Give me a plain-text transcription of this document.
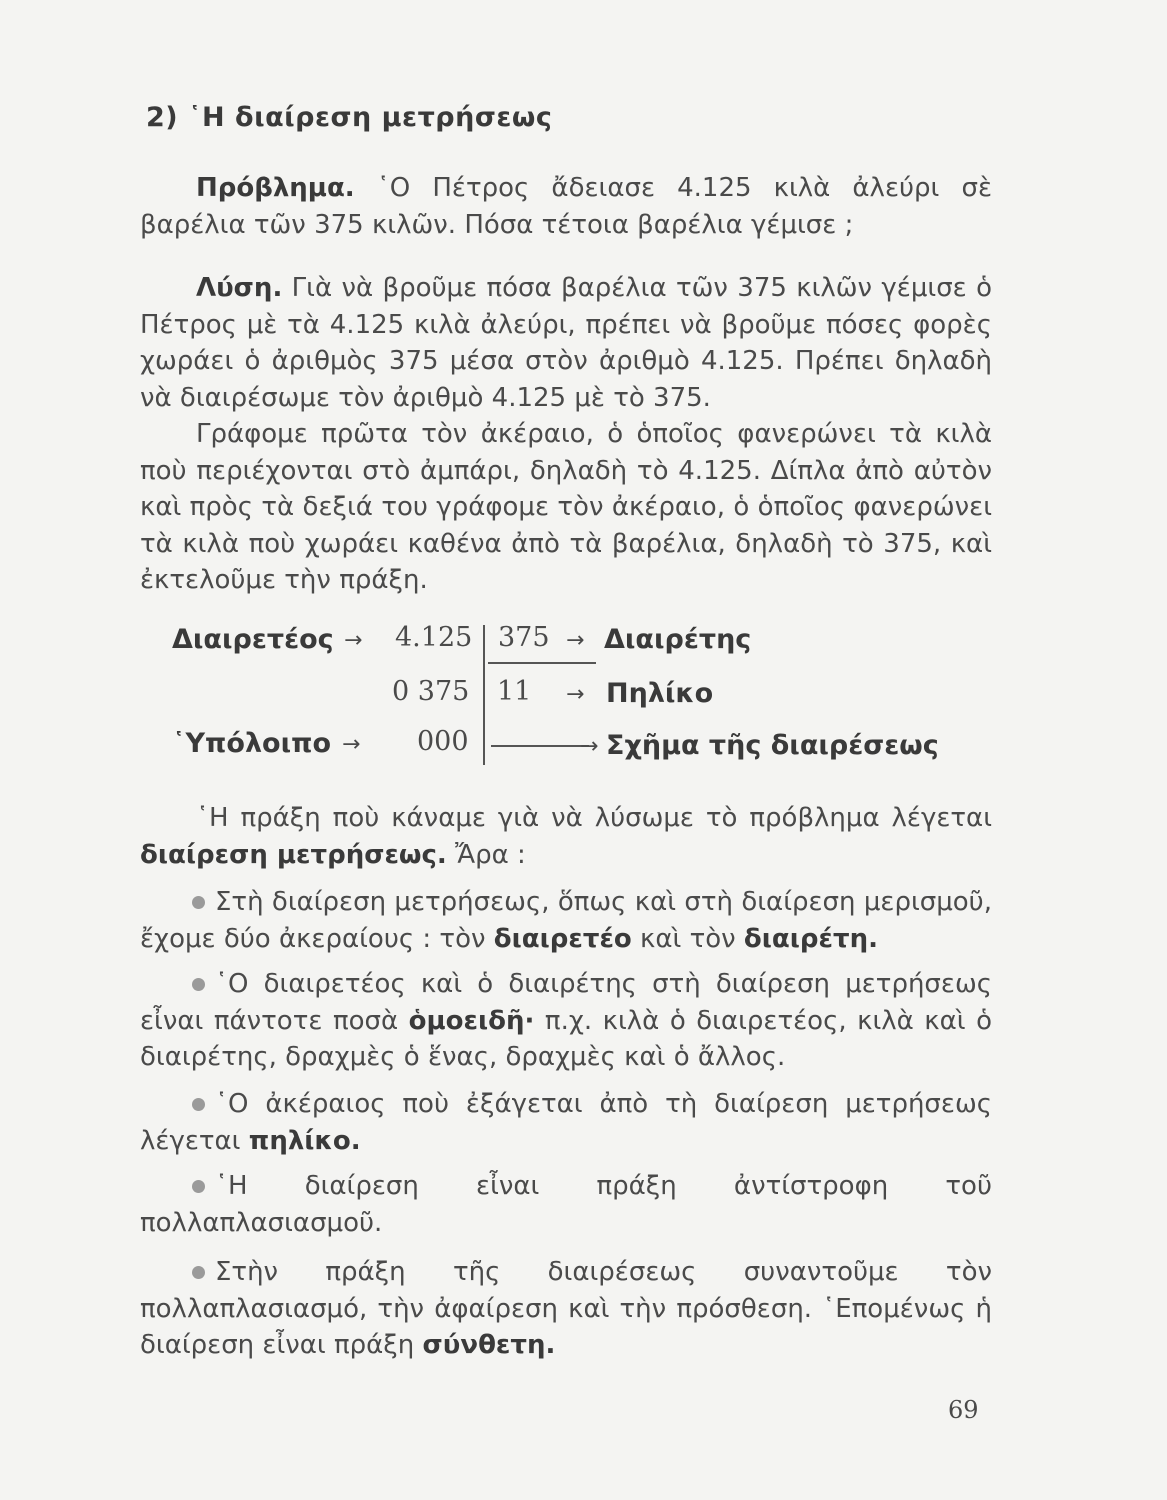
2) ῾Η διαίρεση μετρήσεως
Πρόβλημα. ῾Ο Πέτρος ἄδειασε 4.125 κιλὰ ἀλεύρι σὲ βαρέλια τῶν 375 κιλῶν. Πόσα τέτοια βαρέλια γέμισε ;
Λύση. Γιὰ νὰ βροῦμε πόσα βαρέλια τῶν 375 κιλῶν γέμισε ὁ Πέτρος μὲ τὰ 4.125 κιλὰ ἀλεύρι, πρέπει νὰ βροῦμε πόσες φορὲς χωράει ὁ ἀριθμὸς 375 μέσα στὸν ἀριθμὸ 4.125. Πρέπει δηλαδὴ νὰ διαιρέσωμε τὸν ἀριθμὸ 4.125 μὲ τὸ 375.
Γράφομε πρῶτα τὸν ἀκέραιο, ὁ ὁποῖος φανερώνει τὰ κιλὰ ποὺ περιέχονται στὸ ἀμπάρι, δηλαδὴ τὸ 4.125. Δίπλα ἀπὸ αὐτὸν καὶ πρὸς τὰ δεξιά του γράφομε τὸν ἀκέραιο, ὁ ὁποῖος φανερώνει τὰ κιλὰ ποὺ χωράει καθένα ἀπὸ τὰ βαρέλια, δηλαδὴ τὸ 375, καὶ ἐκτελοῦμε τὴν πράξη.
Διαιρετέος → 4.125 375 → Διαιρέτης
0 375 11 → Πηλίκο
῾Υπόλοιπο → 000	→ Σχῆμα τῆς διαιρέσεως
῾Η πράξη ποὺ κάναμε γιὰ νὰ λύσωμε τὸ πρόβλημα λέγεται διαίρεση μετρήσεως. Ἄρα :
Στὴ διαίρεση μετρήσεως, ὅπως καὶ στὴ διαίρεση μερισμοῦ, ἔχομε δύο ἀκεραίους : τὸν διαιρετέο καὶ τὸν διαιρέτη.
῾Ο διαιρετέος καὶ ὁ διαιρέτης στὴ διαίρεση μετρήσεως εἶναι πάντοτε ποσὰ ὁμοειδῆ· π.χ. κιλὰ ὁ διαιρετέος, κιλὰ καὶ ὁ διαιρέτης, δραχμὲς ὁ ἕνας, δραχμὲς καὶ ὁ ἄλλος.
῾Ο ἀκέραιος ποὺ ἐξάγεται ἀπὸ τὴ διαίρεση μετρήσεως λέγεται πηλίκο.
῾Η διαίρεση εἶναι πράξη ἀντίστροφη τοῦ πολλαπλασιασμοῦ.
Στὴν πράξη τῆς διαιρέσεως συναντοῦμε τὸν πολλαπλασιασμό, τὴν ἀφαίρεση καὶ τὴν πρόσθεση. ῾Επομένως ἡ διαίρεση εἶναι πράξη σύνθετη.
69
